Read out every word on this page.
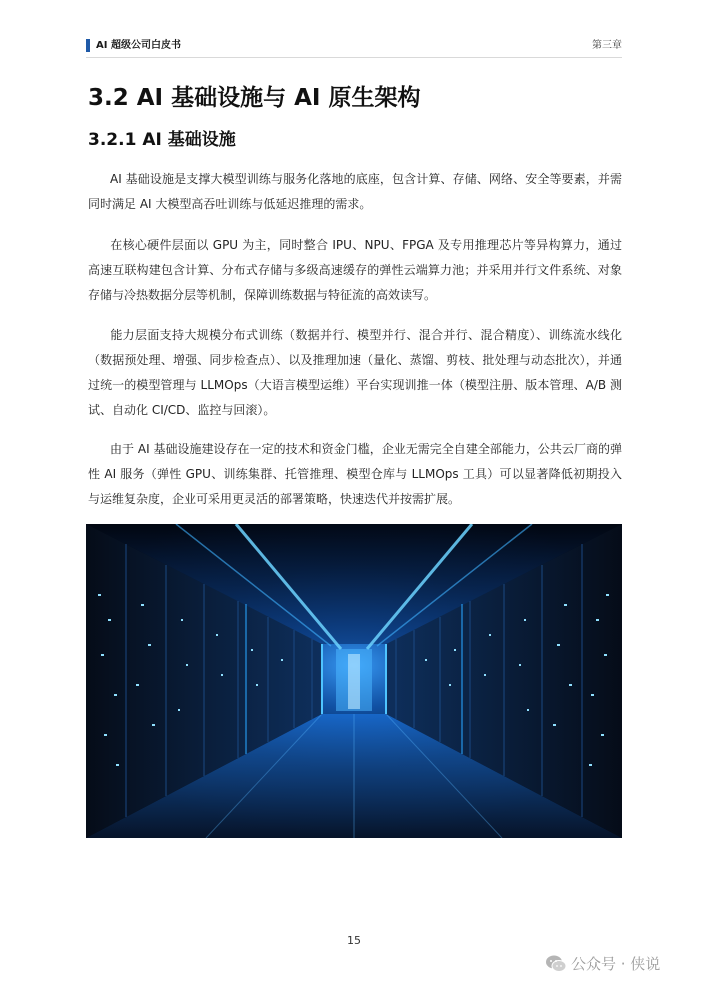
AI 超级公司白皮书	第三章
3.2 AI 基础设施与 AI 原生架构
3.2.1 AI 基础设施
AI 基础设施是支撑大模型训练与服务化落地的底座，包含计算、存储、网络、安全等要素，并需同时满足 AI 大模型高吞吐训练与低延迟推理的需求。
在核心硬件层面以 GPU 为主，同时整合 IPU、NPU、FPGA 及专用推理芯片等异构算力，通过高速互联构建包含计算、分布式存储与多级高速缓存的弹性云端算力池；并采用并行文件系统、对象存储与冷热数据分层等机制，保障训练数据与特征流的高效读写。
能力层面支持大规模分布式训练（数据并行、模型并行、混合并行、混合精度）、训练流水线化（数据预处理、增强、同步检查点）、以及推理加速（量化、蒸馏、剪枝、批处理与动态批次），并通过统一的模型管理与 LLMOps（大语言模型运维）平台实现训推一体（模型注册、版本管理、A/B 测试、自动化 CI/CD、监控与回滚）。
由于 AI 基础设施建设存在一定的技术和资金门槛，企业无需完全自建全部能力，公共云厂商的弹性 AI 服务（弹性 GPU、训练集群、托管推理、模型仓库与 LLMOps 工具）可以显著降低初期投入与运维复杂度，企业可采用更灵活的部署策略，快速迭代并按需扩展。
15
公众号 · 侠说
